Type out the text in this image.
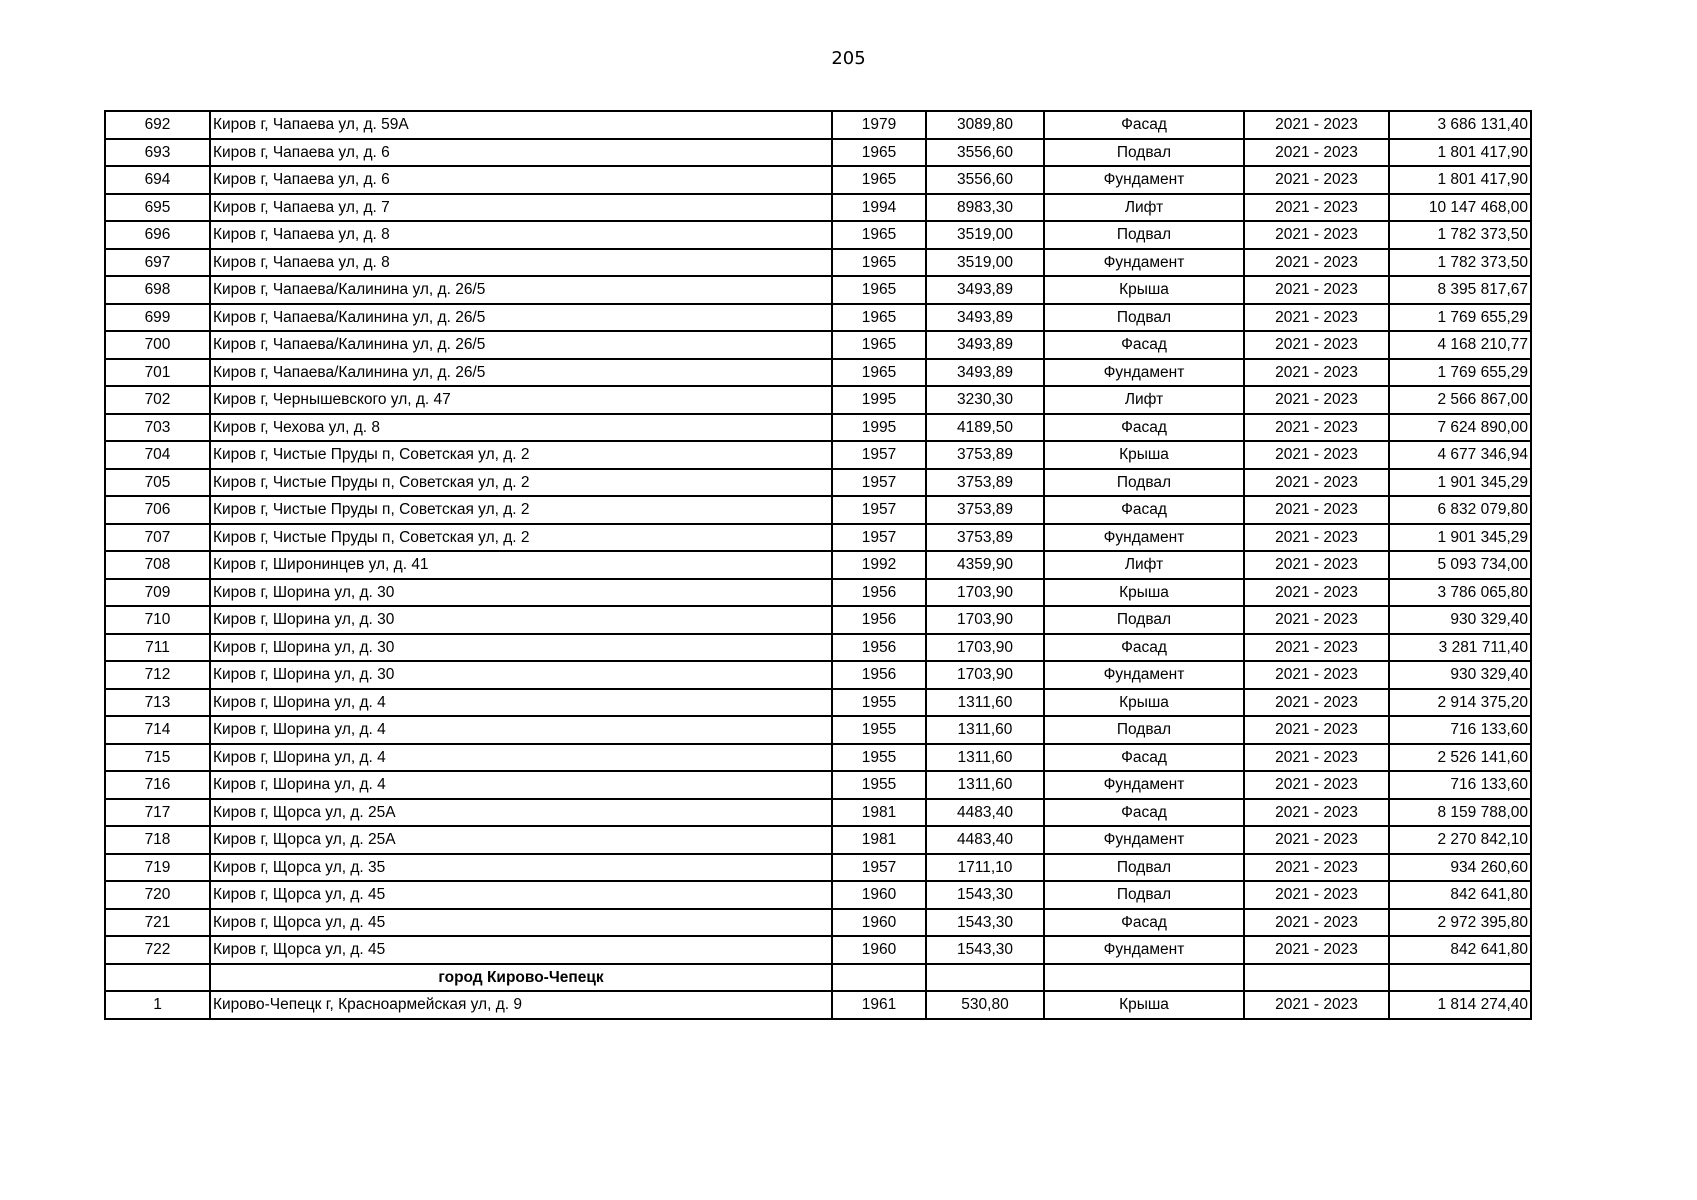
205
692	Киров г, Чапаева ул, д. 59А	1979	3089,80	Фасад	2021 - 2023	3 686 131,40
693	Киров г, Чапаева ул, д. 6	1965	3556,60	Подвал	2021 - 2023	1 801 417,90
694	Киров г, Чапаева ул, д. 6	1965	3556,60	Фундамент	2021 - 2023	1 801 417,90
695	Киров г, Чапаева ул, д. 7	1994	8983,30	Лифт	2021 - 2023	10 147 468,00
696	Киров г, Чапаева ул, д. 8	1965	3519,00	Подвал	2021 - 2023	1 782 373,50
697	Киров г, Чапаева ул, д. 8	1965	3519,00	Фундамент	2021 - 2023	1 782 373,50
698	Киров г, Чапаева/Калинина ул, д. 26/5	1965	3493,89	Крыша	2021 - 2023	8 395 817,67
699	Киров г, Чапаева/Калинина ул, д. 26/5	1965	3493,89	Подвал	2021 - 2023	1 769 655,29
700	Киров г, Чапаева/Калинина ул, д. 26/5	1965	3493,89	Фасад	2021 - 2023	4 168 210,77
701	Киров г, Чапаева/Калинина ул, д. 26/5	1965	3493,89	Фундамент	2021 - 2023	1 769 655,29
702	Киров г, Чернышевского ул, д. 47	1995	3230,30	Лифт	2021 - 2023	2 566 867,00
703	Киров г, Чехова ул, д. 8	1995	4189,50	Фасад	2021 - 2023	7 624 890,00
704	Киров г, Чистые Пруды п, Советская ул, д. 2	1957	3753,89	Крыша	2021 - 2023	4 677 346,94
705	Киров г, Чистые Пруды п, Советская ул, д. 2	1957	3753,89	Подвал	2021 - 2023	1 901 345,29
706	Киров г, Чистые Пруды п, Советская ул, д. 2	1957	3753,89	Фасад	2021 - 2023	6 832 079,80
707	Киров г, Чистые Пруды п, Советская ул, д. 2	1957	3753,89	Фундамент	2021 - 2023	1 901 345,29
708	Киров г, Широнинцев ул, д. 41	1992	4359,90	Лифт	2021 - 2023	5 093 734,00
709	Киров г, Шорина ул, д. 30	1956	1703,90	Крыша	2021 - 2023	3 786 065,80
710	Киров г, Шорина ул, д. 30	1956	1703,90	Подвал	2021 - 2023	930 329,40
711	Киров г, Шорина ул, д. 30	1956	1703,90	Фасад	2021 - 2023	3 281 711,40
712	Киров г, Шорина ул, д. 30	1956	1703,90	Фундамент	2021 - 2023	930 329,40
713	Киров г, Шорина ул, д. 4	1955	1311,60	Крыша	2021 - 2023	2 914 375,20
714	Киров г, Шорина ул, д. 4	1955	1311,60	Подвал	2021 - 2023	716 133,60
715	Киров г, Шорина ул, д. 4	1955	1311,60	Фасад	2021 - 2023	2 526 141,60
716	Киров г, Шорина ул, д. 4	1955	1311,60	Фундамент	2021 - 2023	716 133,60
717	Киров г, Щорса ул, д. 25А	1981	4483,40	Фасад	2021 - 2023	8 159 788,00
718	Киров г, Щорса ул, д. 25А	1981	4483,40	Фундамент	2021 - 2023	2 270 842,10
719	Киров г, Щорса ул, д. 35	1957	1711,10	Подвал	2021 - 2023	934 260,60
720	Киров г, Щорса ул, д. 45	1960	1543,30	Подвал	2021 - 2023	842 641,80
721	Киров г, Щорса ул, д. 45	1960	1543,30	Фасад	2021 - 2023	2 972 395,80
722	Киров г, Щорса ул, д. 45	1960	1543,30	Фундамент	2021 - 2023	842 641,80
	город Кирово-Чепецк					
1	Кирово-Чепецк г, Красноармейская ул, д. 9	1961	530,80	Крыша	2021 - 2023	1 814 274,40
